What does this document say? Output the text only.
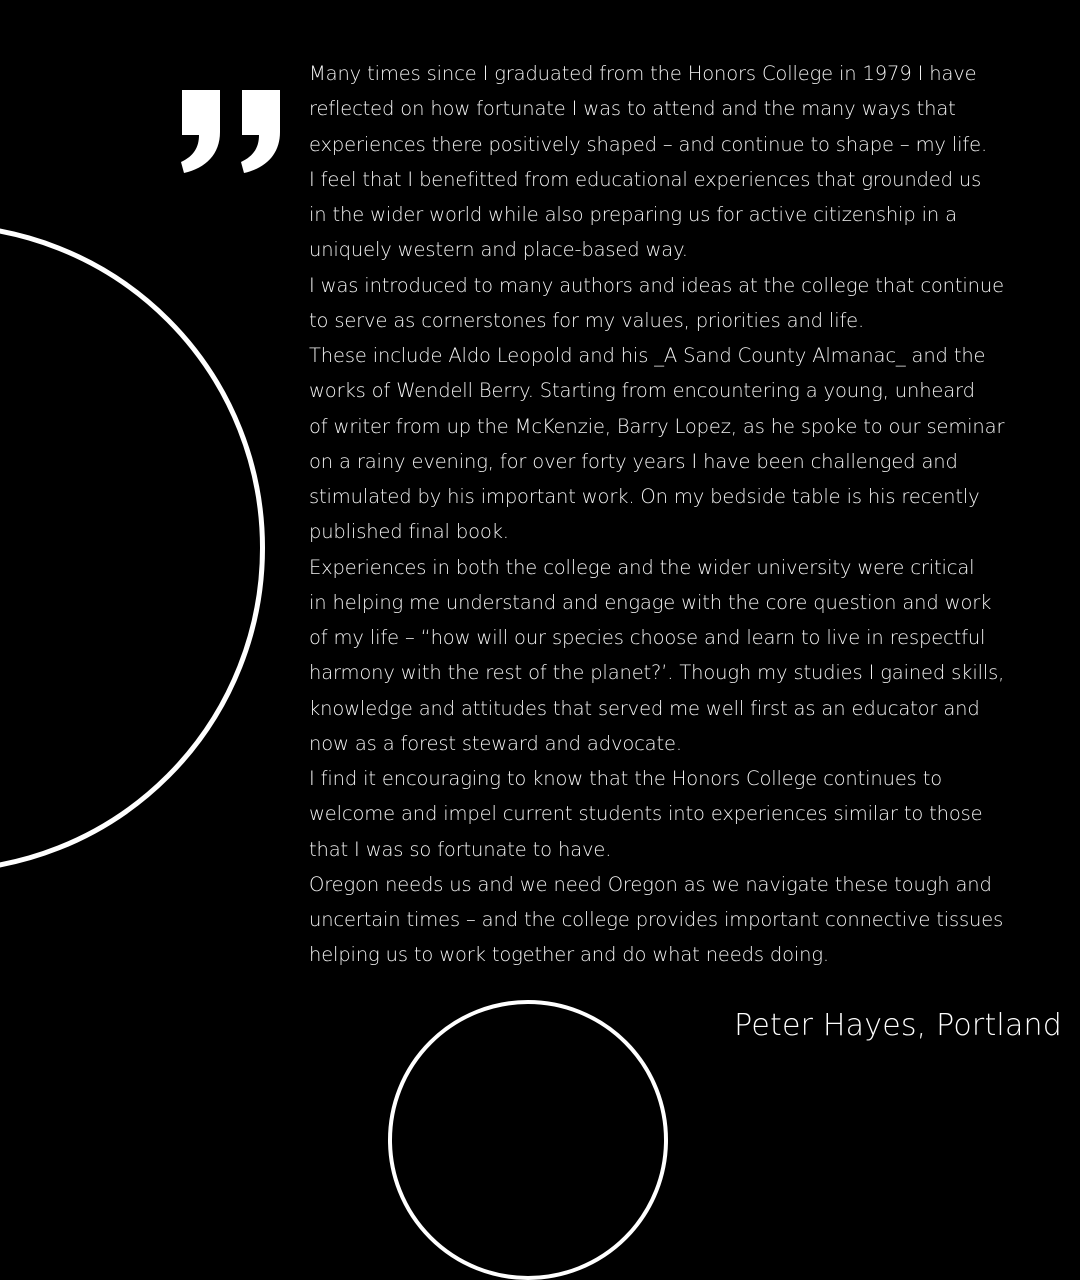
Many times since I graduated from the Honors College in 1979 I have
reflected on how fortunate I was to attend and the many ways that
experiences there positively shaped – and continue to shape – my life.
I feel that I benefitted from educational experiences that grounded us
in the wider world while also preparing us for active citizenship in a
uniquely western and place-based way.
I was introduced to many authors and ideas at the college that continue
to serve as cornerstones for my values, priorities and life.
These include Aldo Leopold and his _A Sand County Almanac_ and the
works of Wendell Berry. Starting from encountering a young, unheard
of writer from up the McKenzie, Barry Lopez, as he spoke to our seminar
on a rainy evening, for over forty years I have been challenged and
stimulated by his important work. On my bedside table is his recently
published final book.
Experiences in both the college and the wider university were critical
in helping me understand and engage with the core question and work
of my life – “how will our species choose and learn to live in respectful
harmony with the rest of the planet?’. Though my studies I gained skills,
knowledge and attitudes that served me well first as an educator and
now as a forest steward and advocate.
I find it encouraging to know that the Honors College continues to
welcome and impel current students into experiences similar to those
that I was so fortunate to have.
Oregon needs us and we need Oregon as we navigate these tough and
uncertain times – and the college provides important connective tissues
helping us to work together and do what needs doing.

Peter Hayes, Portland
